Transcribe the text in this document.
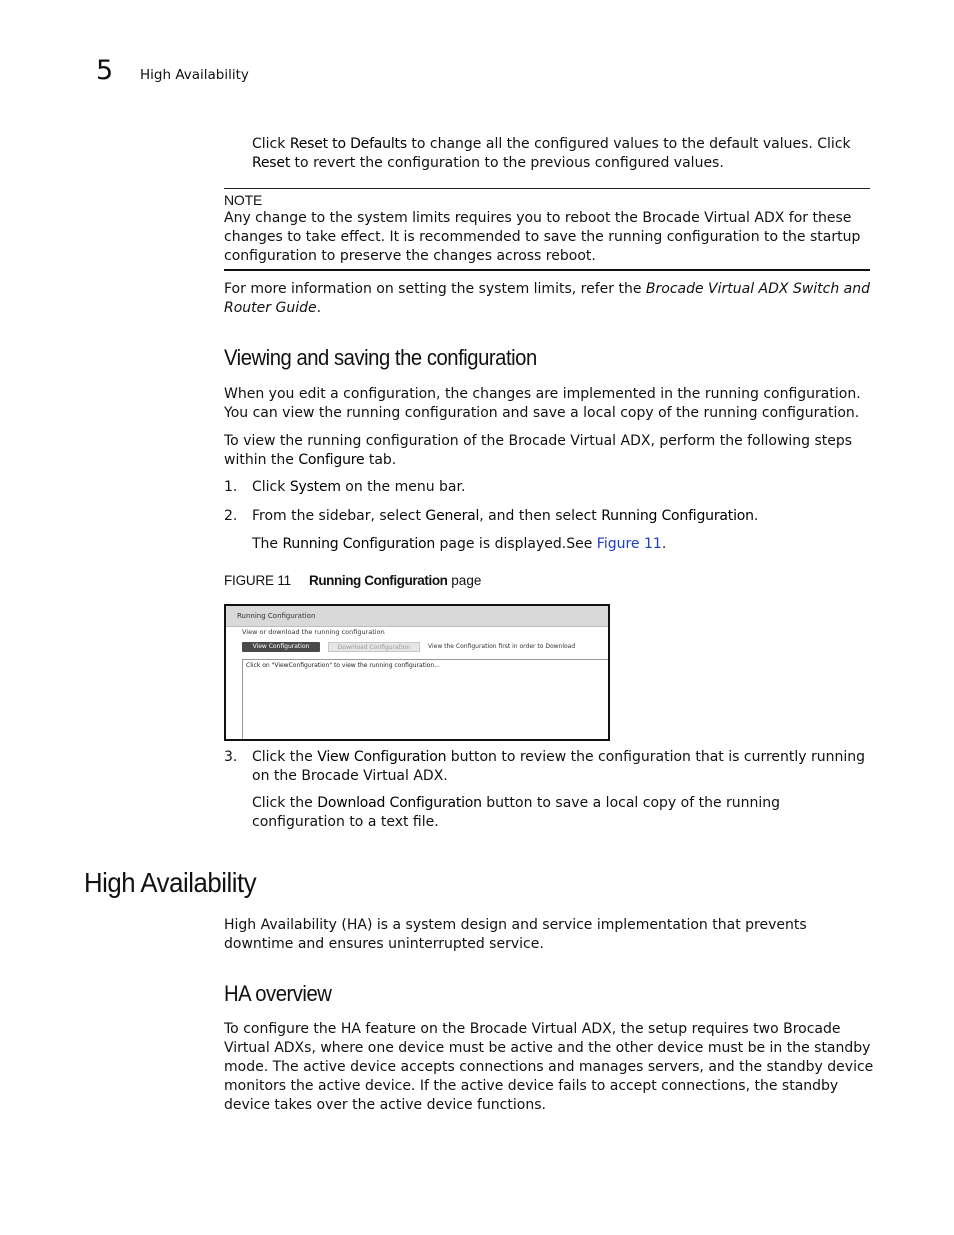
5 High Availability

Click Reset to Defaults to change all the configured values to the default values. Click Reset to revert the configuration to the previous configured values.

NOTE

Any change to the system limits requires you to reboot the Brocade Virtual ADX for these changes to take effect. It is recommended to save the running configuration to the startup configuration to preserve the changes across reboot.

For more information on setting the system limits, refer the Brocade Virtual ADX Switch and Router Guide.

Viewing and saving the configuration

When you edit a configuration, the changes are implemented in the running configuration. You can view the running configuration and save a local copy of the running configuration.

To view the running configuration of the Brocade Virtual ADX, perform the following steps within the Configure tab.

1.	Click System on the menu bar.

2.	From the sidebar, select General, and then select Running Configuration.

The Running Configuration page is displayed.See Figure 11.

FIGURE 11 Running Configuration page
Running Configuration
View or download the running configuration
View Configuration	Download Configuration	View the Configuration first in order to Download
Click on "ViewConfiguration" to view the running configuration...
3.	Click the View Configuration button to review the configuration that is currently running on the Brocade Virtual ADX.

Click the Download Configuration button to save a local copy of the running configuration to a text file.

High Availability

High Availability (HA) is a system design and service implementation that prevents downtime and ensures uninterrupted service.

HA overview

To configure the HA feature on the Brocade Virtual ADX, the setup requires two Brocade Virtual ADXs, where one device must be active and the other device must be in the standby mode. The active device accepts connections and manages servers, and the standby device monitors the active device. If the active device fails to accept connections, the standby device takes over the active device functions.
